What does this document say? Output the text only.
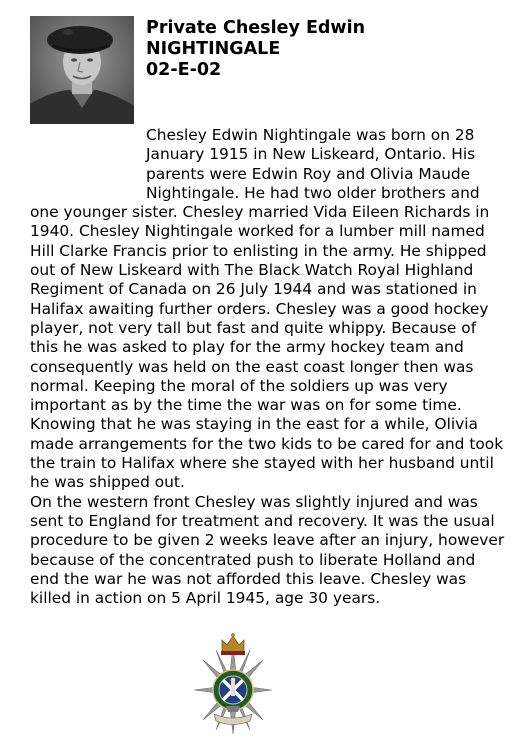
Private Chesley Edwin
NIGHTINGALE
02-E-02

Chesley Edwin Nightingale was born on 28 January 1915 in New Liskeard, Ontario. His parents were Edwin Roy and Olivia Maude Nightingale. He had two older brothers and one younger sister. Chesley married Vida Eileen Richards in 1940. Chesley Nightingale worked for a lumber mill named Hill Clarke Francis prior to enlisting in the army. He shipped out of New Liskeard with The Black Watch Royal Highland Regiment of Canada on 26 July 1944 and was stationed in Halifax awaiting further orders. Chesley was a good hockey player, not very tall but fast and quite whippy. Because of this he was asked to play for the army hockey team and consequently was held on the east coast longer then was normal. Keeping the moral of the soldiers up was very important as by the time the war was on for some time. Knowing that he was staying in the east for a while, Olivia made arrangements for the two kids to be cared for and took the train to Halifax where she stayed with her husband until he was shipped out.

On the western front Chesley was slightly injured and was sent to England for treatment and recovery. It was the usual procedure to be given 2 weeks leave after an injury, however because of the concentrated push to liberate Holland and end the war he was not afforded this leave. Chesley was killed in action on 5 April 1945, age 30 years.
